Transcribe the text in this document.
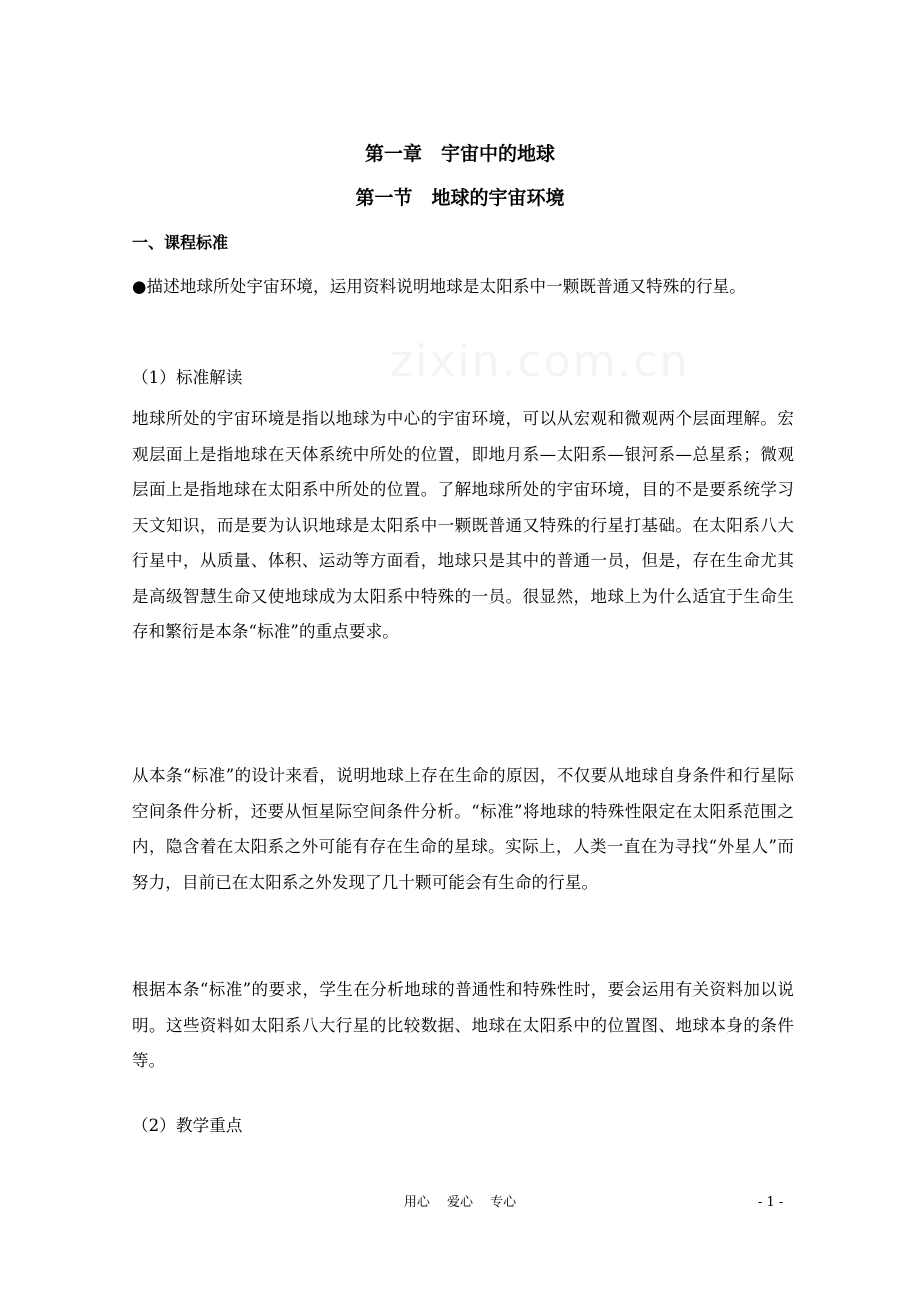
zixin.com.cn
第一章　宇宙中的地球
第一节　地球的宇宙环境
一、课程标准
●描述地球所处宇宙环境，运用资料说明地球是太阳系中一颗既普通又特殊的行星。
（1）标准解读
地球所处的宇宙环境是指以地球为中心的宇宙环境，可以从宏观和微观两个层面理解。宏观层面上是指地球在天体系统中所处的位置，即地月系—太阳系—银河系—总星系；微观层面上是指地球在太阳系中所处的位置。了解地球所处的宇宙环境，目的不是要系统学习天文知识，而是要为认识地球是太阳系中一颗既普通又特殊的行星打基础。在太阳系八大行星中，从质量、体积、运动等方面看，地球只是其中的普通一员，但是，存在生命尤其是高级智慧生命又使地球成为太阳系中特殊的一员。很显然，地球上为什么适宜于生命生存和繁衍是本条“标准”的重点要求。
从本条“标准”的设计来看，说明地球上存在生命的原因，不仅要从地球自身条件和行星际空间条件分析，还要从恒星际空间条件分析。“标准”将地球的特殊性限定在太阳系范围之内，隐含着在太阳系之外可能有存在生命的星球。实际上，人类一直在为寻找“外星人”而努力，目前已在太阳系之外发现了几十颗可能会有生命的行星。
根据本条“标准”的要求，学生在分析地球的普通性和特殊性时，要会运用有关资料加以说明。这些资料如太阳系八大行星的比较数据、地球在太阳系中的位置图、地球本身的条件等。
（2）教学重点
用心　 爱心　 专心	- 1 -
